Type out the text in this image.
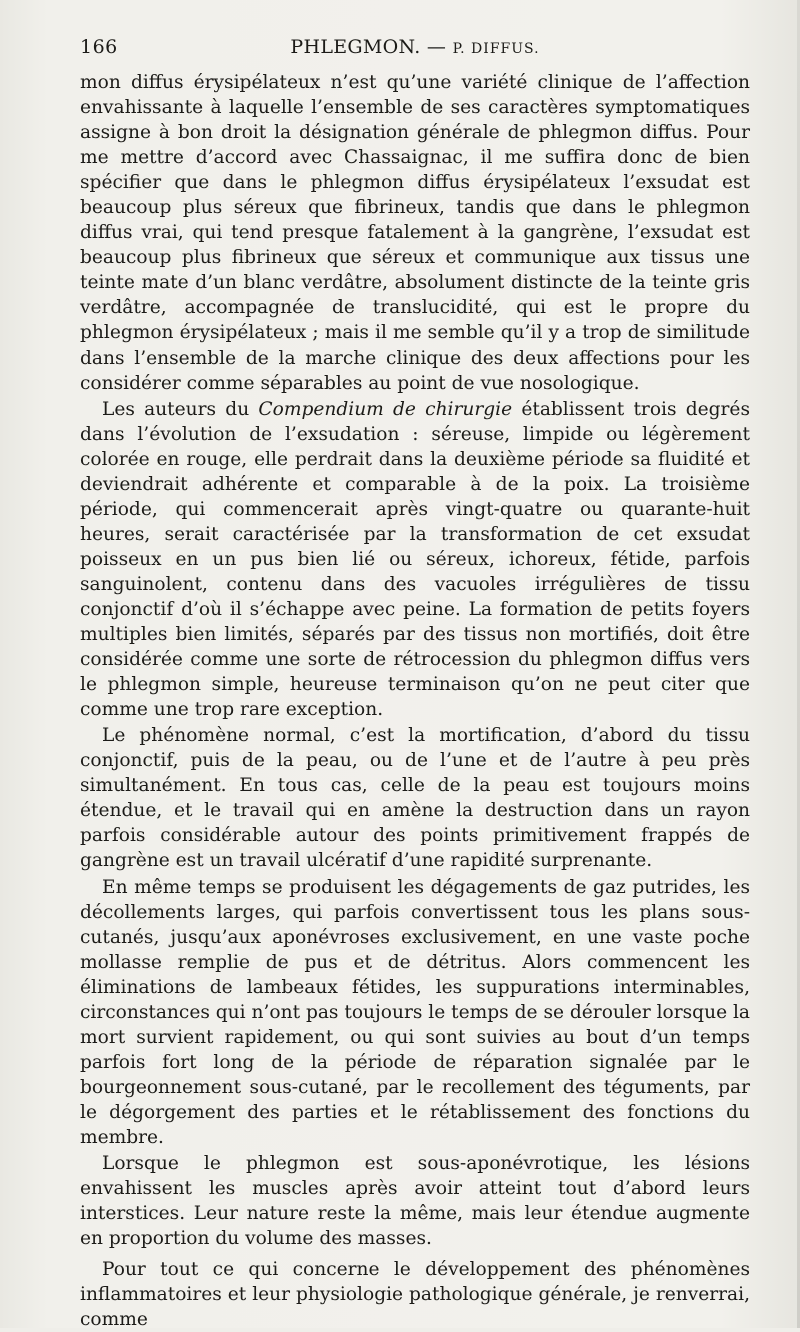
166	PHLEGMON. — P. DIFFUS.

mon diffus érysipélateux n’est qu’une variété clinique de l’affection envahissante à laquelle l’ensemble de ses caractères symptomatiques assigne à bon droit la désignation générale de phlegmon diffus. Pour me mettre d’accord avec Chassaignac, il me suffira donc de bien spécifier que dans le phlegmon diffus érysipélateux l’exsudat est beaucoup plus séreux que fibrineux, tandis que dans le phlegmon diffus vrai, qui tend presque fatalement à la gangrène, l’exsudat est beaucoup plus fibrineux que séreux et communique aux tissus une teinte mate d’un blanc verdâtre, absolument distincte de la teinte gris verdâtre, accompagnée de translucidité, qui est le propre du phlegmon érysipélateux ; mais il me semble qu’il y a trop de similitude dans l’ensemble de la marche clinique des deux affections pour les considérer comme séparables au point de vue nosologique.

Les auteurs du Compendium de chirurgie établissent trois degrés dans l’évolution de l’exsudation : séreuse, limpide ou légèrement colorée en rouge, elle perdrait dans la deuxième période sa fluidité et deviendrait adhérente et comparable à de la poix. La troisième période, qui commencerait après vingt-quatre ou quarante-huit heures, serait caractérisée par la transformation de cet exsudat poisseux en un pus bien lié ou séreux, ichoreux, fétide, parfois sanguinolent, contenu dans des vacuoles irrégulières de tissu conjonctif d’où il s’échappe avec peine. La formation de petits foyers multiples bien limités, séparés par des tissus non mortifiés, doit être considérée comme une sorte de rétrocession du phlegmon diffus vers le phlegmon simple, heureuse terminaison qu’on ne peut citer que comme une trop rare exception.

Le phénomène normal, c’est la mortification, d’abord du tissu conjonctif, puis de la peau, ou de l’une et de l’autre à peu près simultanément. En tous cas, celle de la peau est toujours moins étendue, et le travail qui en amène la destruction dans un rayon parfois considérable autour des points primitivement frappés de gangrène est un travail ulcératif d’une rapidité surprenante.

En même temps se produisent les dégagements de gaz putrides, les décollements larges, qui parfois convertissent tous les plans sous-cutanés, jusqu’aux aponévroses exclusivement, en une vaste poche mollasse remplie de pus et de détritus. Alors commencent les éliminations de lambeaux fétides, les suppurations interminables, circonstances qui n’ont pas toujours le temps de se dérouler lorsque la mort survient rapidement, ou qui sont suivies au bout d’un temps parfois fort long de la période de réparation signalée par le bourgeonnement sous-cutané, par le recollement des téguments, par le dégorgement des parties et le rétablissement des fonctions du membre.

Lorsque le phlegmon est sous-aponévrotique, les lésions envahissent les muscles après avoir atteint tout d’abord leurs interstices. Leur nature reste la même, mais leur étendue augmente en proportion du volume des masses.

Pour tout ce qui concerne le développement des phénomènes inflammatoires et leur physiologie pathologique générale, je renverrai, comme
